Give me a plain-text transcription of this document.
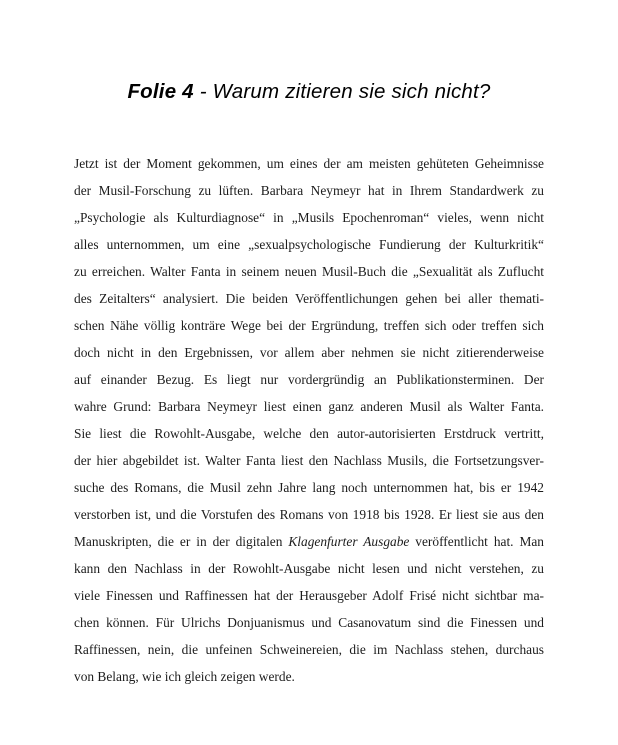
Folie 4 - Warum zitieren sie sich nicht?
Jetzt ist der Moment gekommen, um eines der am meisten gehüteten Geheimnisse
der Musil-Forschung zu lüften. Barbara Neymeyr hat in Ihrem Standardwerk zu
„Psychologie als Kulturdiagnose“ in „Musils Epochenroman“ vieles, wenn nicht
alles unternommen, um eine „sexualpsychologische Fundierung der Kulturkritik“
zu erreichen. Walter Fanta in seinem neuen Musil-Buch die „Sexualität als Zuflucht
des Zeitalters“ analysiert. Die beiden Veröffentlichungen gehen bei aller themati-
schen Nähe völlig konträre Wege bei der Ergründung, treffen sich oder treffen sich
doch nicht in den Ergebnissen, vor allem aber nehmen sie nicht zitierenderweise
auf einander Bezug. Es liegt nur vordergründig an Publikationsterminen. Der
wahre Grund: Barbara Neymeyr liest einen ganz anderen Musil als Walter Fanta.
Sie liest die Rowohlt-Ausgabe, welche den autor-autorisierten Erstdruck vertritt,
der hier abgebildet ist. Walter Fanta liest den Nachlass Musils, die Fortsetzungsver-
suche des Romans, die Musil zehn Jahre lang noch unternommen hat, bis er 1942
verstorben ist, und die Vorstufen des Romans von 1918 bis 1928. Er liest sie aus den
Manuskripten, die er in der digitalen Klagenfurter Ausgabe veröffentlicht hat. Man
kann den Nachlass in der Rowohlt-Ausgabe nicht lesen und nicht verstehen, zu
viele Finessen und Raffinessen hat der Herausgeber Adolf Frisé nicht sichtbar ma-
chen können. Für Ulrichs Donjuanismus und Casanovatum sind die Finessen und
Raffinessen, nein, die unfeinen Schweinereien, die im Nachlass stehen, durchaus
von Belang, wie ich gleich zeigen werde.
